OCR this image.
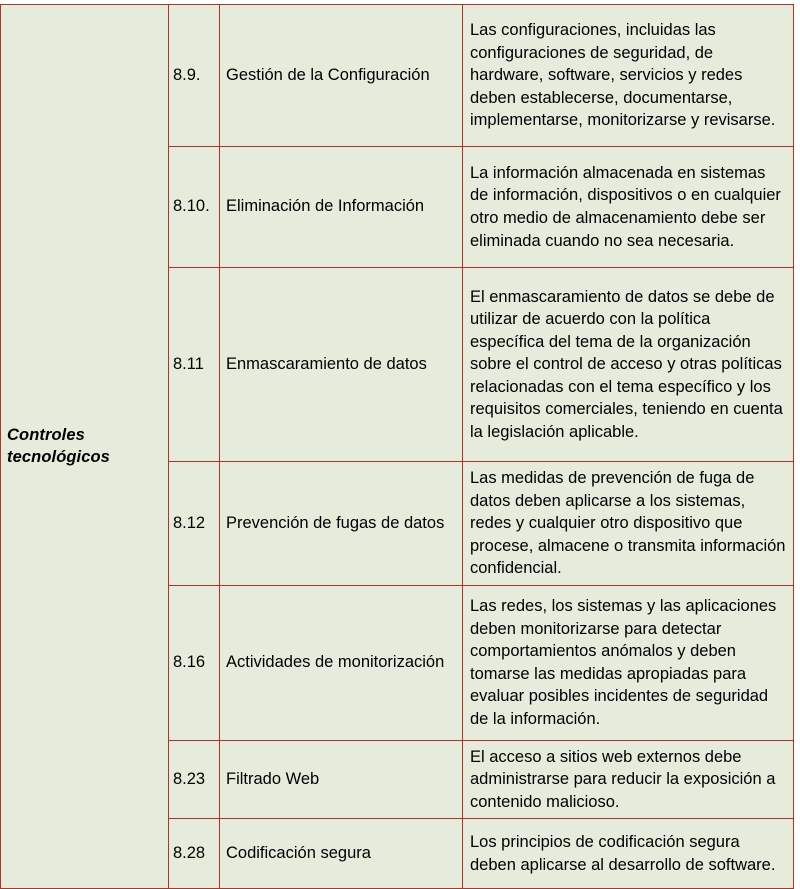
Controles tecnológicos	8.9.	Gestión de la Configuración	Las configuraciones, incluidas las configuraciones de seguridad, de hardware, software, servicios y redes deben establecerse, documentarse, implementarse, monitorizarse y revisarse.

	8.10.	Eliminación de Información	La información almacenada en sistemas de información, dispositivos o en cualquier otro medio de almacenamiento debe ser eliminada cuando no sea necesaria.

	8.11	Enmascaramiento de datos	El enmascaramiento de datos se debe de utilizar de acuerdo con la política específica del tema de la organización sobre el control de acceso y otras políticas relacionadas con el tema específico y los requisitos comerciales, teniendo en cuenta la legislación aplicable.

	8.12	Prevención de fugas de datos	Las medidas de prevención de fuga de datos deben aplicarse a los sistemas, redes y cualquier otro dispositivo que procese, almacene o transmita información confidencial.

	8.16	Actividades de monitorización	Las redes, los sistemas y las aplicaciones deben monitorizarse para detectar comportamientos anómalos y deben tomarse las medidas apropiadas para evaluar posibles incidentes de seguridad de la información.

	8.23	Filtrado Web	El acceso a sitios web externos debe administrarse para reducir la exposición a contenido malicioso.

	8.28	Codificación segura	Los principios de codificación segura deben aplicarse al desarrollo de software.
